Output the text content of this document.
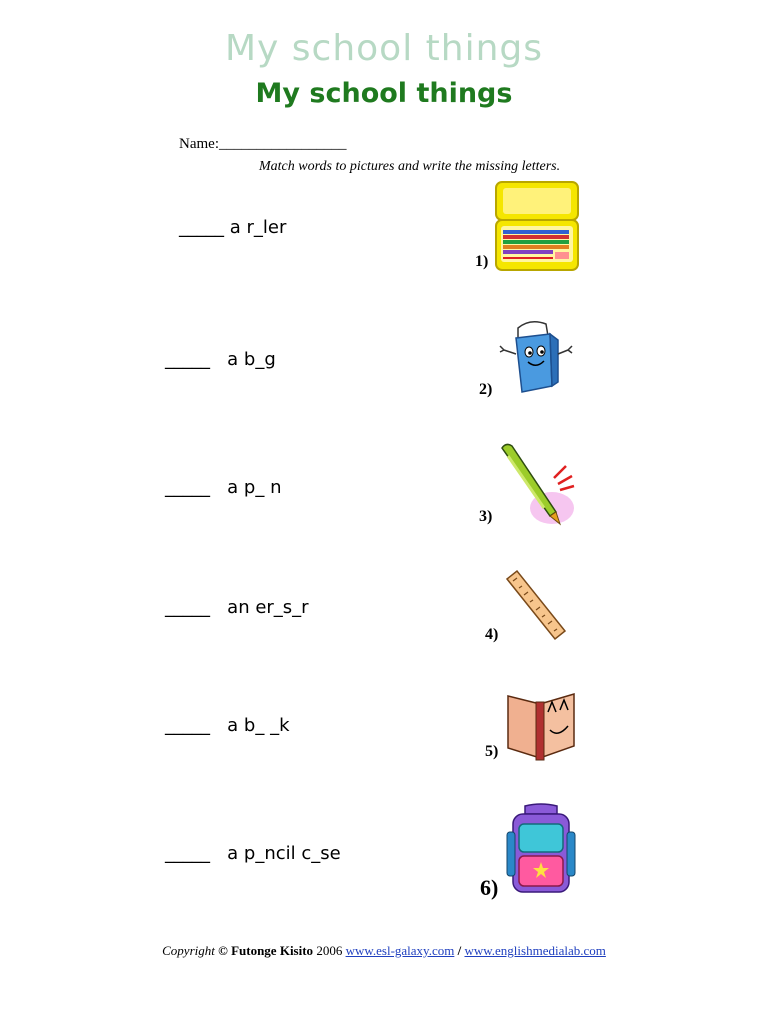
My school things
My school things
Name:_________________
Match words to pictures and write the missing letters.
_____ a r_ler
_____ a b_g
_____ a p_ n
_____ an er_s_r
_____ a b_ _k
_____ a p_ncil c_se
1)
2)
3)
4)
5)
6)
Copyright © Futonge Kisito 2006 www.esl-galaxy.com / www.englishmedialab.com
